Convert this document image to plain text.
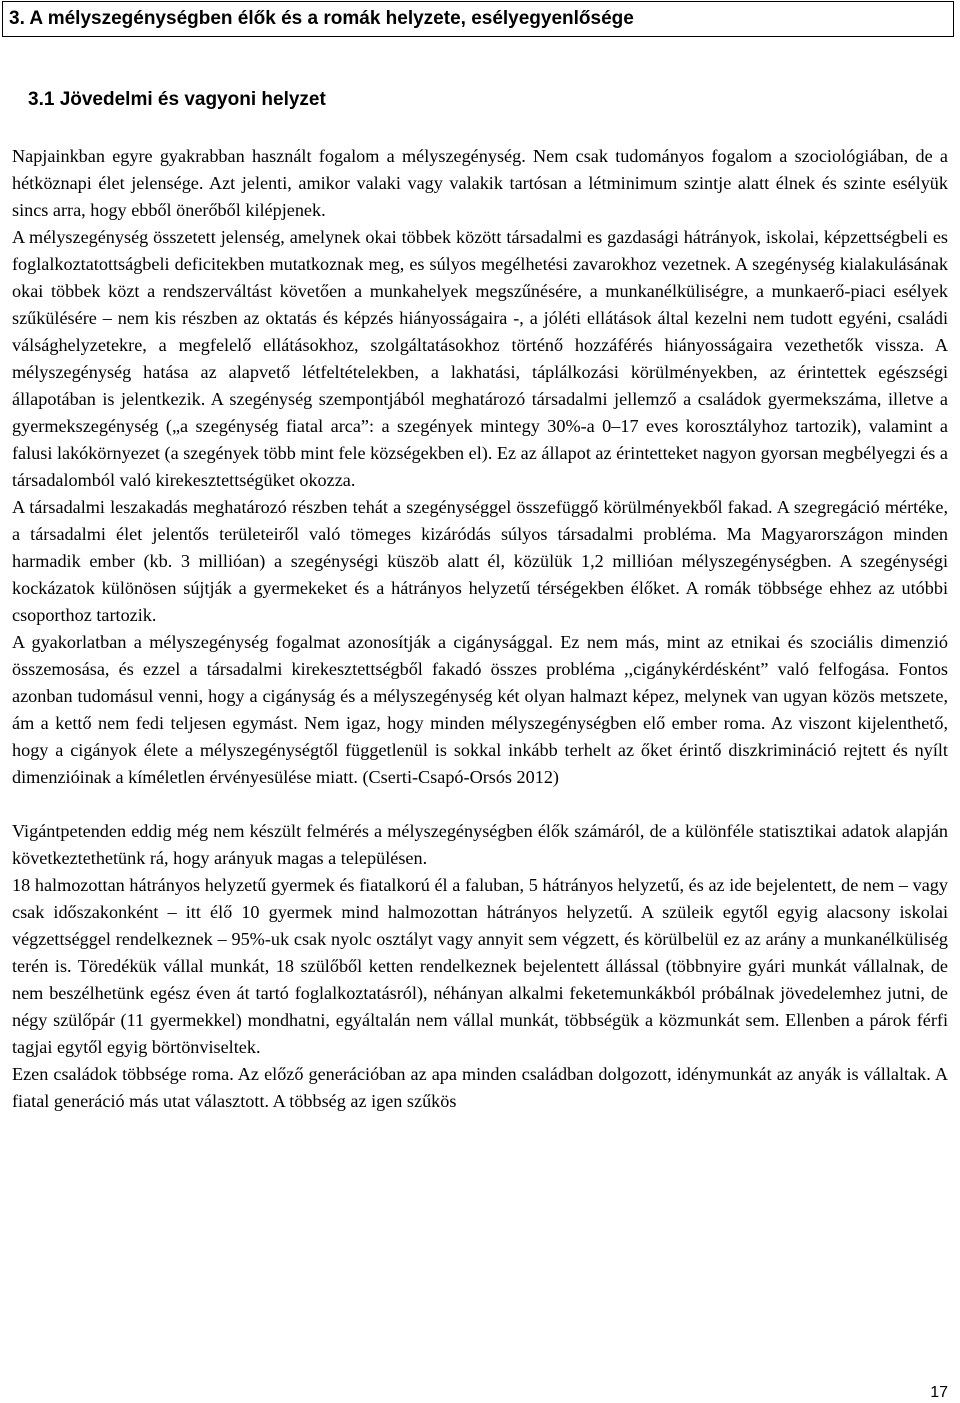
3. A mélyszegénységben élők és a romák helyzete, esélyegyenlősége
3.1 Jövedelmi és vagyoni helyzet

Napjainkban egyre gyakrabban használt fogalom a mélyszegénység. Nem csak tudományos fogalom a szociológiában, de a hétköznapi élet jelensége. Azt jelenti, amikor valaki vagy valakik tartósan a létminimum szintje alatt élnek és szinte esélyük sincs arra, hogy ebből önerőből kilépjenek.

A mélyszegénység összetett jelenség, amelynek okai többek között társadalmi es gazdasági hátrányok, iskolai, képzettségbeli es foglalkoztatottságbeli deficitekben mutatkoznak meg, es súlyos megélhetési zavarokhoz vezetnek. A szegénység kialakulásának okai többek közt a rendszerváltást követően a munkahelyek megszűnésére, a munkanélküliségre, a munkaerő-piaci esélyek szűkülésére – nem kis részben az oktatás és képzés hiányosságaira -, a jóléti ellátások által kezelni nem tudott egyéni, családi válsághelyzetekre, a megfelelő ellátásokhoz, szolgáltatásokhoz történő hozzáférés hiányosságaira vezethetők vissza. A mélyszegénység hatása az alapvető létfeltételekben, a lakhatási, táplálkozási körülményekben, az érintettek egészségi állapotában is jelentkezik. A szegénység szempontjából meghatározó társadalmi jellemző a családok gyermekszáma, illetve a gyermekszegénység („a szegénység fiatal arca”: a szegények mintegy 30%-a 0–17 eves korosztályhoz tartozik), valamint a falusi lakókörnyezet (a szegények több mint fele községekben el). Ez az állapot az érintetteket nagyon gyorsan megbélyegzi és a társadalomból való kirekesztettségüket okozza.

A társadalmi leszakadás meghatározó részben tehát a szegénységgel összefüggő körülményekből fakad. A szegregáció mértéke, a társadalmi élet jelentős területeiről való tömeges kizáródás súlyos társadalmi probléma. Ma Magyarországon minden harmadik ember (kb. 3 millióan) a szegénységi küszöb alatt él, közülük 1,2 millióan mélyszegénységben. A szegénységi kockázatok különösen sújtják a gyermekeket és a hátrányos helyzetű térségekben élőket. A romák többsége ehhez az utóbbi csoporthoz tartozik.

A gyakorlatban a mélyszegénység fogalmat azonosítják a cigánysággal. Ez nem más, mint az etnikai és szociális dimenzió összemosása, és ezzel a társadalmi kirekesztettségből fakadó összes probléma ,,cigánykérdésként” való felfogása. Fontos azonban tudomásul venni, hogy a cigányság és a mélyszegénység két olyan halmazt képez, melynek van ugyan közös metszete, ám a kettő nem fedi teljesen egymást. Nem igaz, hogy minden mélyszegénységben elő ember roma. Az viszont kijelenthető, hogy a cigányok élete a mélyszegénységtől függetlenül is sokkal inkább terhelt az őket érintő diszkrimináció rejtett és nyílt dimenzióinak a kíméletlen érvényesülése miatt. (Cserti-Csapó-Orsós 2012)

Vigántpetenden eddig még nem készült felmérés a mélyszegénységben élők számáról, de a különféle statisztikai adatok alapján következtethetünk rá, hogy arányuk magas a településen.

18 halmozottan hátrányos helyzetű gyermek és fiatalkorú él a faluban, 5 hátrányos helyzetű, és az ide bejelentett, de nem – vagy csak időszakonként – itt élő 10 gyermek mind halmozottan hátrányos helyzetű. A szüleik egytől egyig alacsony iskolai végzettséggel rendelkeznek – 95%-uk csak nyolc osztályt vagy annyit sem végzett, és körülbelül ez az arány a munkanélküliség terén is. Töredékük vállal munkát, 18 szülőből ketten rendelkeznek bejelentett állással (többnyire gyári munkát vállalnak, de nem beszélhetünk egész éven át tartó foglalkoztatásról), néhányan alkalmi feketemunkákból próbálnak jövedelemhez jutni, de négy szülőpár (11 gyermekkel) mondhatni, egyáltalán nem vállal munkát, többségük a közmunkát sem. Ellenben a párok férfi tagjai egytől egyig börtönviseltek.

Ezen családok többsége roma. Az előző generációban az apa minden családban dolgozott, idénymunkát az anyák is vállaltak. A fiatal generáció más utat választott. A többség az igen szűkös

17
